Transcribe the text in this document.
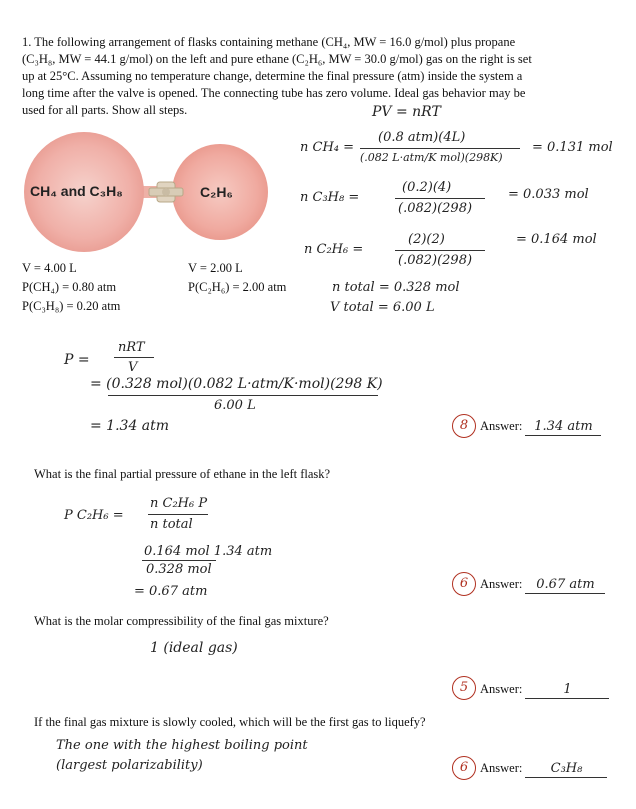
1. The following arrangement of flasks containing methane (CH₄, MW = 16.0 g/mol) plus propane
(C₃H₈, MW = 44.1 g/mol) on the left and pure ethane (C₂H₆, MW = 30.0 g/mol) gas on the right is set
up at 25°C. Assuming no temperature change, determine the final pressure (atm) inside the system a
long time after the valve is opened. The connecting tube has zero volume. Ideal gas behavior may be
used for all parts. Show all steps.
CH₄ and C₃H₈	C₂H₆
V = 4.00 L
P(CH₄) = 0.80 atm
P(C₃H₈) = 0.20 atm
V = 2.00 L
P(C₂H₆) = 2.00 atm
PV = nRT
n CH₄ =
(0.8 atm)(4L)
(.082 L·atm/K mol)(298K)
= 0.131 mol
n C₃H₈ =
(0.2)(4)
(.082)(298)
= 0.033 mol
n C₂H₆ =
(2)(2)
(.082)(298)
= 0.164 mol
n total = 0.328 mol
V total = 6.00 L
P =
nRT
V
= (0.328 mol)(0.082 L·atm/K·mol)(298 K)
6.00 L
= 1.34 atm	8 Answer: 1.34 atm
What is the final partial pressure of ethane in the left flask?
P C₂H₆ =
n C₂H₆ P
n total
0.164 mol 1.34 atm
0.328 mol
= 0.67 atm
6 Answer: 0.67 atm
What is the molar compressibility of the final gas mixture?
1 (ideal gas)
5 Answer:	1
If the final gas mixture is slowly cooled, which will be the first gas to liquefy?
The one with the highest boiling point
(largest polarizability)	6 Answer: C₃H₈
